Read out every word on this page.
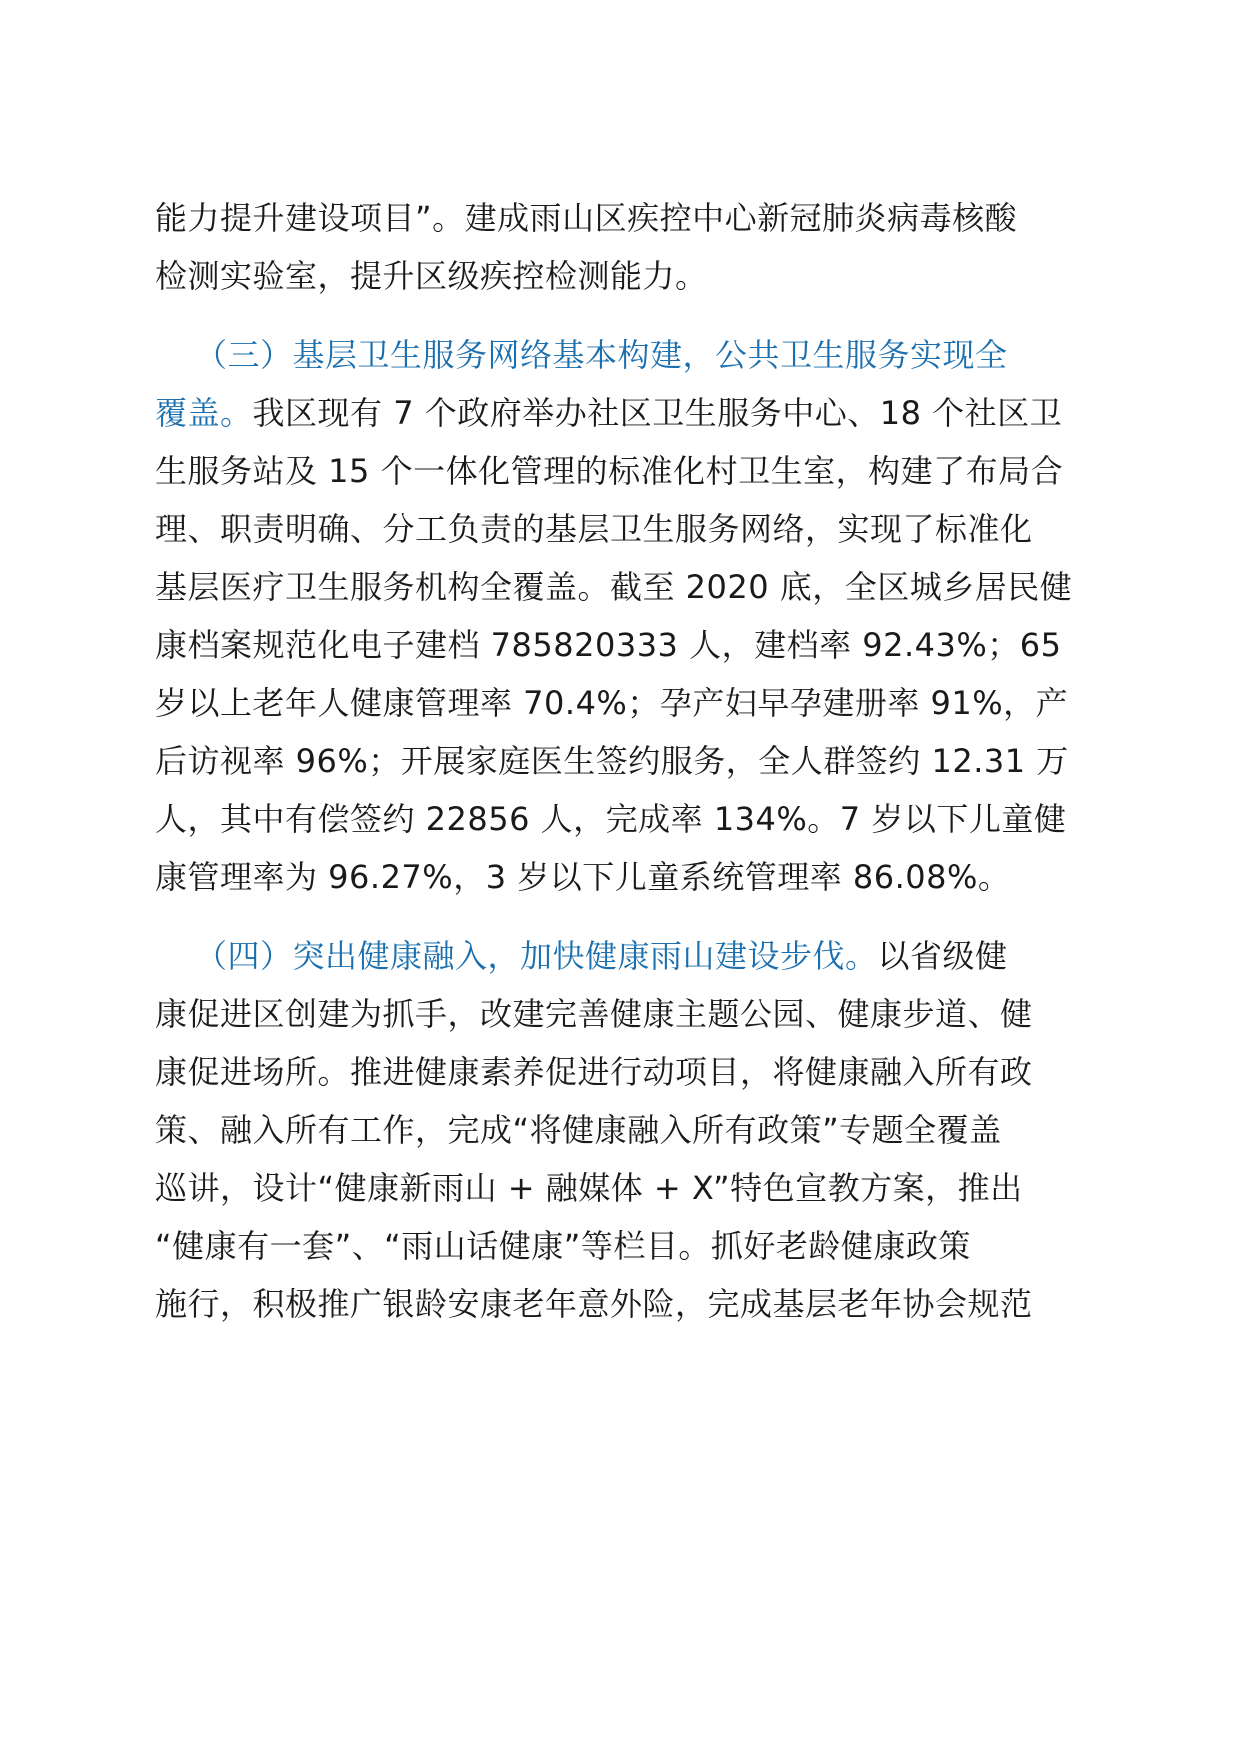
能力提升建设项目”。建成雨山区疾控中心新冠肺炎病毒核酸
检测实验室，提升区级疾控检测能力。
（三）基层卫生服务网络基本构建，公共卫生服务实现全
覆盖。我区现有 7 个政府举办社区卫生服务中心、18 个社区卫
生服务站及 15 个一体化管理的标准化村卫生室，构建了布局合
理、职责明确、分工负责的基层卫生服务网络，实现了标准化
基层医疗卫生服务机构全覆盖。截至 2020 底，全区城乡居民健
康档案规范化电子建档 785820333 人，建档率 92.43%；65
岁以上老年人健康管理率 70.4%；孕产妇早孕建册率 91%，产
后访视率 96%；开展家庭医生签约服务，全人群签约 12.31 万
人，其中有偿签约 22856 人，完成率 134%。7 岁以下儿童健
康管理率为 96.27%，3 岁以下儿童系统管理率 86.08%。
（四）突出健康融入，加快健康雨山建设步伐。以省级健
康促进区创建为抓手，改建完善健康主题公园、健康步道、健
康促进场所。推进健康素养促进行动项目，将健康融入所有政
策、融入所有工作，完成“将健康融入所有政策”专题全覆盖
巡讲，设计“健康新雨山 + 融媒体 + X”特色宣教方案，推出
“健康有一套”、“雨山话健康”等栏目。抓好老龄健康政策
施行，积极推广银龄安康老年意外险，完成基层老年协会规范
